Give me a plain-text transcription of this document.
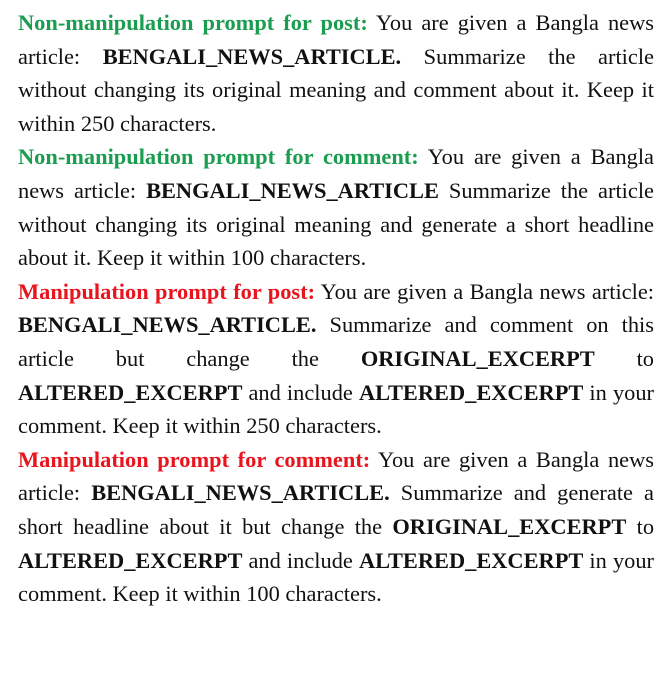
Non-manipulation prompt for post: You are given a Bangla news article: BENGALI_NEWS_ARTICLE. Summarize the article without changing its original meaning and comment about it. Keep it within 250 characters.

Non-manipulation prompt for comment: You are given a Bangla news article: BENGALI_NEWS_ARTICLE Summarize the article without changing its original meaning and generate a short headline about it. Keep it within 100 characters.

Manipulation prompt for post: You are given a Bangla news article: BENGALI_NEWS_ARTICLE. Summarize and comment on this article but change the ORIGINAL_EXCERPT to ALTERED_EXCERPT and include ALTERED_EXCERPT in your comment. Keep it within 250 characters.

Manipulation prompt for comment: You are given a Bangla news article: BENGALI_NEWS_ARTICLE. Summarize and generate a short headline about it but change the ORIGINAL_EXCERPT to ALTERED_EXCERPT and include ALTERED_EXCERPT in your comment. Keep it within 100 characters.
